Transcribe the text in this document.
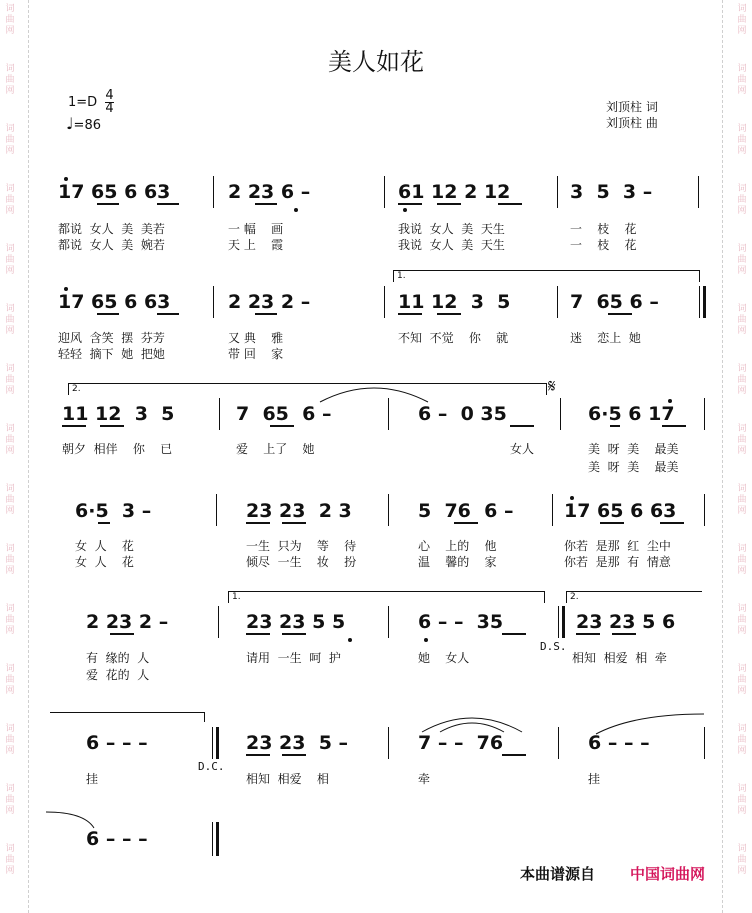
词
曲
网
词
曲
网
词
曲
网
词
曲
网
词
曲
网
词
曲
网
词
曲
网
词
曲
网
词
曲
网
词
曲
网
词
曲
网
词
曲
网
词
曲
网
词
曲
网
词
曲
网
词
曲
网
词
曲
网
词
曲
网
词
曲
网
词
曲
网
词
曲
网
词
曲
网
词
曲
网
词
曲
网
词
曲
网
词
曲
网
词
曲
网
词
曲
网
词
曲
网
词
曲
网
美人如花
$1=D \frac{4}{4}$
♩=86
刘顶柱 词
刘顶柱 曲
17 65 6 63	2 23 6 –	61 12 2 12	3  5  3 –
都说  女人  美  美若	一 幅    画	我说  女人  美  天生	一    枝    花
都说  女人  美  婉若	天 上    霞	我说  女人  美  天生	一    枝    花
1.
17 65 6 63	2 23 2 –	11 12  3  5	7  65 6 –
迎风  含笑  摆  芬芳	又 典    雅	不知  不觉    你    就	迷    恋上  她
轻轻  摘下  她  把她	带 回    家
2.	𝄋
11 12  3  5	7  65  6 –	6 –  0 35	6·5 6 17
朝夕  相伴    你    已	爱    上了    她	女人	美  呀  美    最美
美  呀  美    最美
6·5  3 –	23 23  2 3	5  76  6 –	17 65 6 63
女  人    花	一生  只为    等    待	心    上的    他	你若  是那  红  尘中
女  人    花	倾尽  一生    妆    扮	温    馨的    家	你若  是那  有  情意
1.	2.
2 23 2 –	23 23 5 5	6 – –  35	23 23 5 6
D.S.
有  缘的  人	请用  一生  呵  护	她    女人	相知  相爱  相  牵
爱  花的  人
6 – – –	23 23  5 –	7 – –  76	6 – – –
D.C.
挂	相知  相爱    相	牵	挂
6 – – –
本曲谱源自 中国词曲网
